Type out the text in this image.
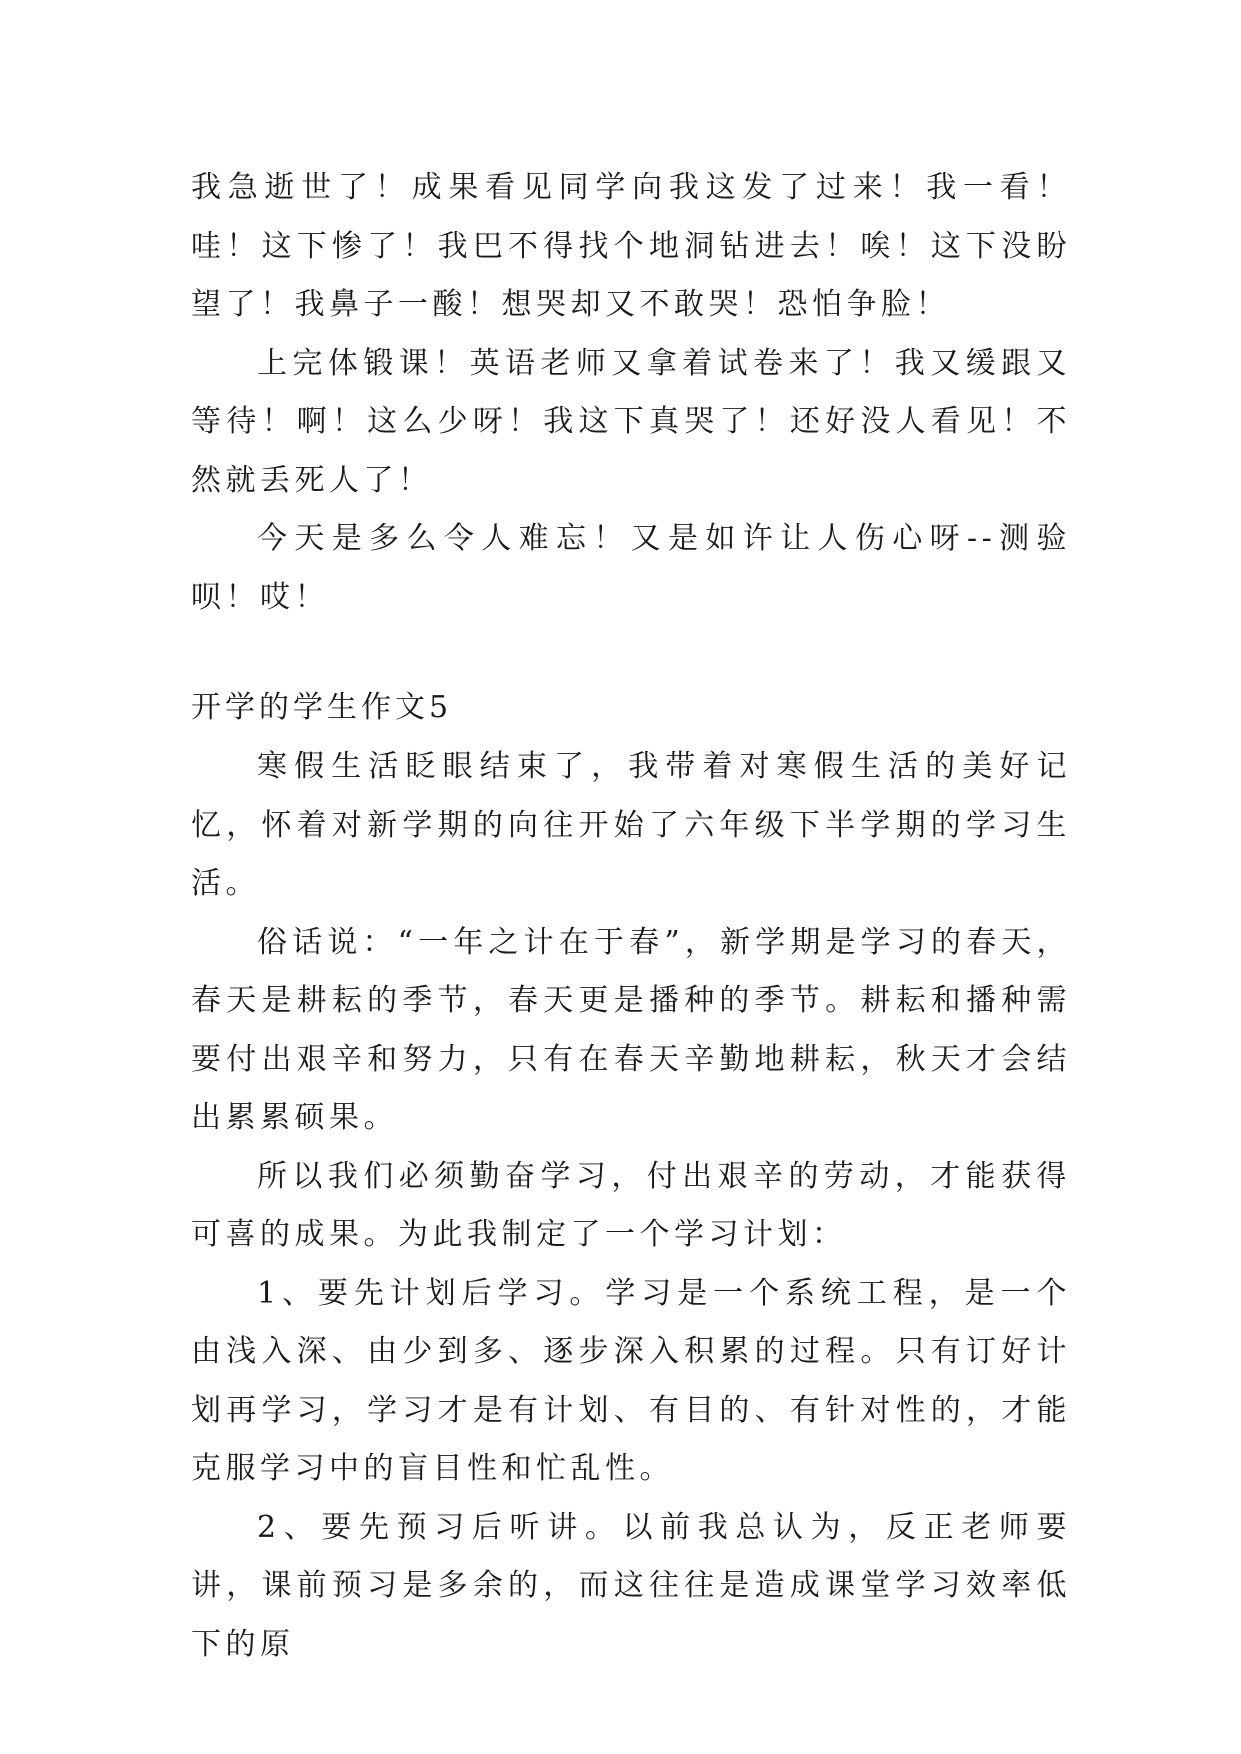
我急逝世了！成果看见同学向我这发了过来！我一看！哇！这下惨了！我巴不得找个地洞钻进去！唉！这下没盼望了！我鼻子一酸！想哭却又不敢哭！恐怕争脸！

上完体锻课！英语老师又拿着试卷来了！我又缓跟又等待！啊！这么少呀！我这下真哭了！还好没人看见！不然就丢死人了！

今天是多么令人难忘！又是如许让人伤心呀--测验呗！哎！

开学的学生作文5

寒假生活眨眼结束了，我带着对寒假生活的美好记忆，怀着对新学期的向往开始了六年级下半学期的学习生活。

俗话说：“一年之计在于春”，新学期是学习的春天，春天是耕耘的季节，春天更是播种的季节。耕耘和播种需要付出艰辛和努力，只有在春天辛勤地耕耘，秋天才会结出累累硕果。

所以我们必须勤奋学习，付出艰辛的劳动，才能获得可喜的成果。为此我制定了一个学习计划：

1、要先计划后学习。学习是一个系统工程，是一个由浅入深、由少到多、逐步深入积累的过程。只有订好计划再学习，学习才是有计划、有目的、有针对性的，才能克服学习中的盲目性和忙乱性。

2、要先预习后听讲。以前我总认为，反正老师要讲，课前预习是多余的，而这往往是造成课堂学习效率低下的原
